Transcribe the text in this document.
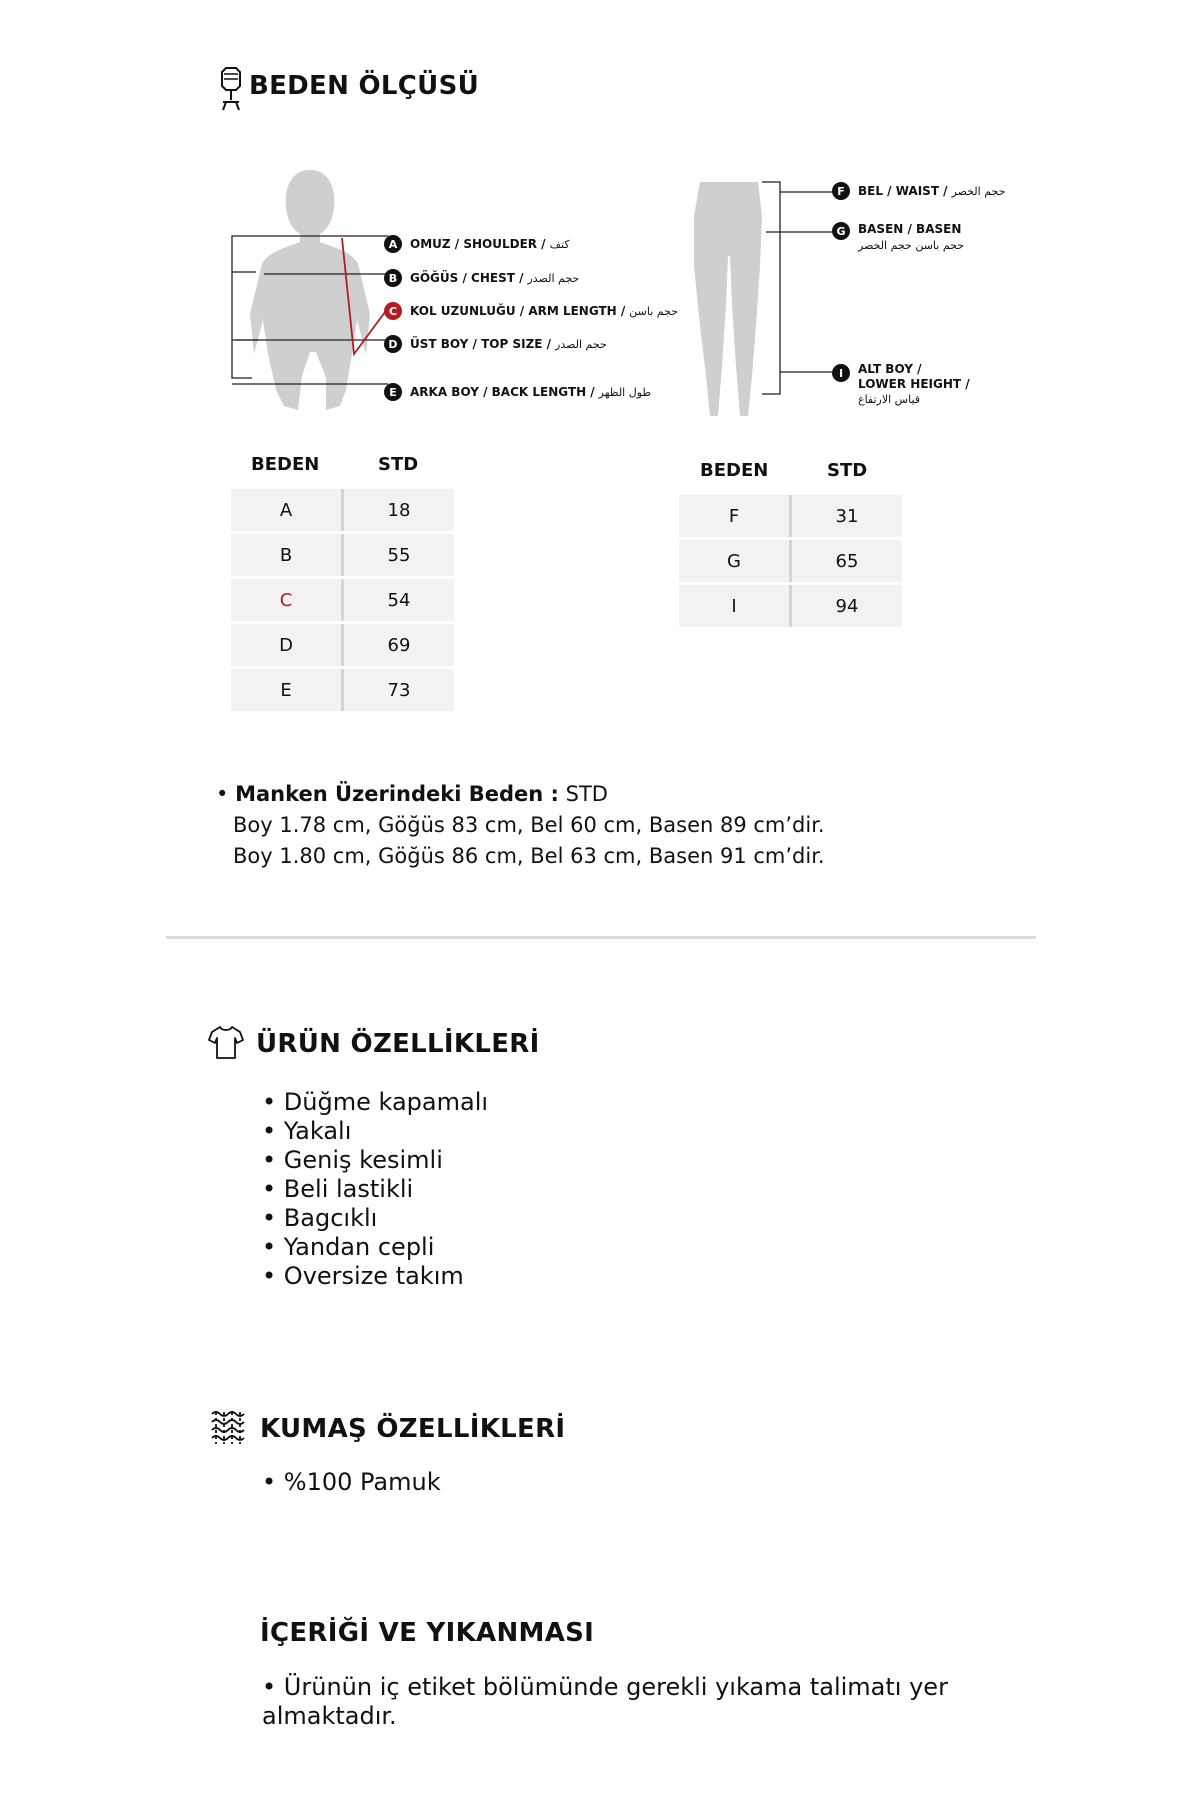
BEDEN ÖLÇÜSÜ
A	OMUZ / SHOULDER / كتف
B	GÖĞÜS / CHEST / حجم الصدر
C	KOL UZUNLUĞU / ARM LENGTH / حجم باسن
D	ÜST BOY / TOP SIZE / حجم الصدر
E	ARKA BOY / BACK LENGTH / طول الظهر
F	BEL / WAIST / حجم الخصر
G	BASEN / BASEN
حجم باسن حجم الخصر
I	ALT BOY /
LOWER HEIGHT /
قياس الارتفاع
BEDEN	STD
A	18
B	55
C	54
D	69
E	73
BEDEN	STD
F	31
G	65
I	94
• Manken Üzerindeki Beden : STD
Boy 1.78 cm, Göğüs 83 cm, Bel 60 cm, Basen 89 cm’dir.
Boy 1.80 cm, Göğüs 86 cm, Bel 63 cm, Basen 91 cm’dir.
ÜRÜN ÖZELLİKLERİ
• Düğme kapamalı
• Yakalı
• Geniş kesimli
• Beli lastikli
• Bagcıklı
• Yandan cepli
• Oversize takım
KUMAŞ ÖZELLİKLERİ
• %100 Pamuk
İÇERİĞİ VE YIKANMASI
• Ürünün iç etiket bölümünde gerekli yıkama talimatı yer almaktadır.
